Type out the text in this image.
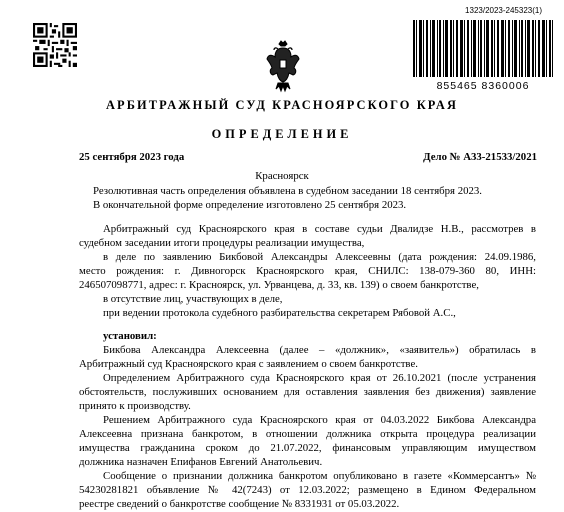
1323/2023-245323(1)
855465 8360006
АРБИТРАЖНЫЙ СУД КРАСНОЯРСКОГО КРАЯ
ОПРЕДЕЛЕНИЕ
25 сентября 2023 года	Дело № А33-21533/2021
Красноярск
Резолютивная часть определения объявлена в судебном заседании 18 сентября 2023.
В окончательной форме определение изготовлено 25 сентября 2023.
Арбитражный суд Красноярского края в составе судьи Двалидзе Н.В., рассмотрев в
судебном заседании итоги процедуры реализации имущества,
в деле по заявлению Бикбовой Александры Алексеевны (дата рождения: 24.09.1986,
место рождения: г. Дивногорск Красноярского края, СНИЛС: 138-079-360 80, ИНН:
246507098771, адрес: г. Красноярск, ул. Урванцева, д. 33, кв. 139) о своем банкротстве,
в отсутствие лиц, участвующих в деле,
при ведении протокола судебного разбирательства секретарем Рябовой А.С.,
установил:
Бикбова Александра Алексеевна (далее – «должник», «заявитель») обратилась в
Арбитражный суд Красноярского края с заявлением о своем банкротстве.
Определением Арбитражного суда Красноярского края от 26.10.2021 (после устранения
обстоятельств, послуживших основанием для оставления заявления без движения) заявление
принято к производству.
Решением Арбитражного суда Красноярского края от 04.03.2022 Бикбова Александра
Алексеевна признана банкротом, в отношении должника открыта процедура реализации
имущества гражданина сроком до 21.07.2022, финансовым управляющим имуществом
должника назначен Епифанов Евгений Анатольевич.
Сообщение о признании должника банкротом опубликовано в газете «Коммерсантъ» №
54230281821 объявление № 42(7243) от 12.03.2022; размещено в Едином Федеральном
реестре сведений о банкротстве сообщение № 8331931 от 05.03.2022.
